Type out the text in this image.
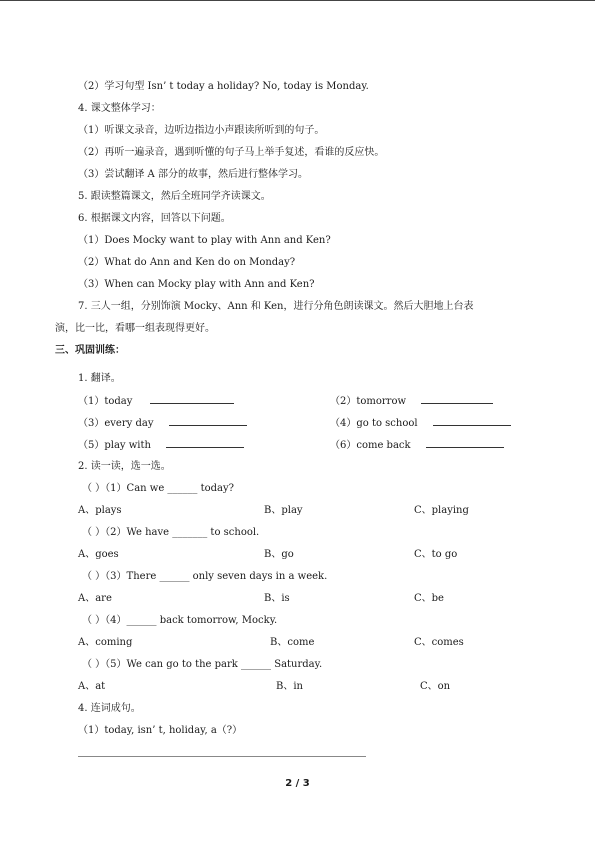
（2）学习句型 Isn’ t today a holiday? No, today is Monday.
4. 课文整体学习：
（1）听课文录音，边听边指边小声跟读所听到的句子。
（2）再听一遍录音，遇到听懂的句子马上举手复述，看谁的反应快。
（3）尝试翻译 A 部分的故事，然后进行整体学习。
5. 跟读整篇课文，然后全班同学齐读课文。
6. 根据课文内容，回答以下问题。
（1）Does Mocky want to play with Ann and Ken?
（2）What do Ann and Ken do on Monday?
（3）When can Mocky play with Ann and Ken?
7. 三人一组，分别饰演 Mocky、Ann 和 Ken，进行分角色朗读课文。然后大胆地上台表
演，比一比，看哪一组表现得更好。
三、巩固训练：
1. 翻译。
（1）today	（2）tomorrow
（3）every day	（4）go to school
（5）play with	（6）come back
2. 读一读，选一选。
（ ）（1）Can we ______ today?
A、plays	B、play	C、playing
（ ）（2）We have _______ to school.
A、goes	B、go	C、to go
（ ）（3）There ______ only seven days in a week.
A、are	B、is	C、be
（ ）（4）______ back tomorrow, Mocky.
A、coming	B、come	C、comes
（ ）（5）We can go to the park ______ Saturday.
A、at	B、in	C、on
4. 连词成句。
（1）today, isn’ t, holiday, a（?）
2 / 3
